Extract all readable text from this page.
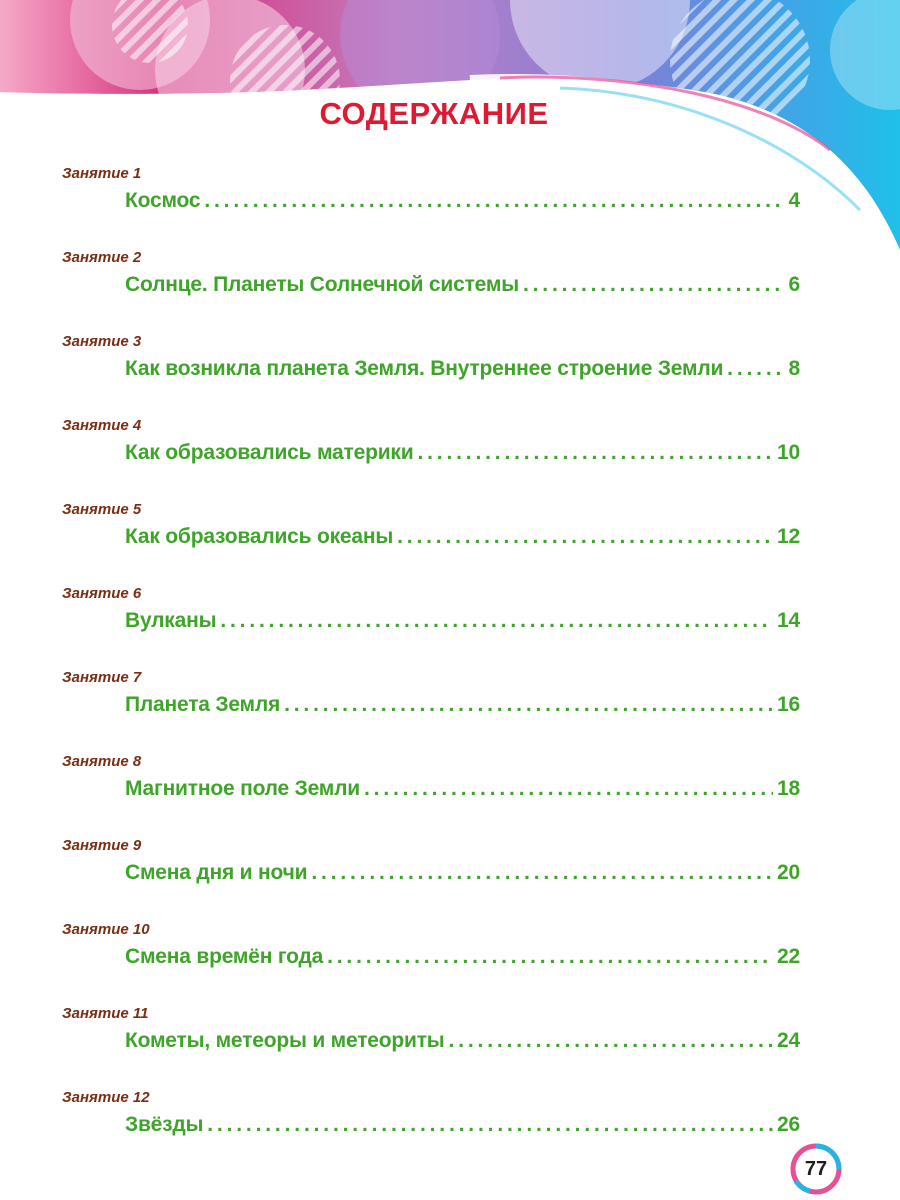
СОДЕРЖАНИЕ
Занятие 1
Космос . . .	4
Занятие 2
Солнце. Планеты Солнечной системы . . .	6
Занятие 3
Как возникла планета Земля. Внутреннее строение Земли . . .	8
Занятие 4
Как образовались материки . . .	10
Занятие 5
Как образовались океаны . . .	12
Занятие 6
Вулканы . . .	14
Занятие 7
Планета Земля . . .	16
Занятие 8
Магнитное поле Земли . . .	18
Занятие 9
Смена дня и ночи . . .	20
Занятие 10
Смена времён года . . .	22
Занятие 11
Кометы, метеоры и метеориты . . .	24
Занятие 12
Звёзды . . .	26
77
